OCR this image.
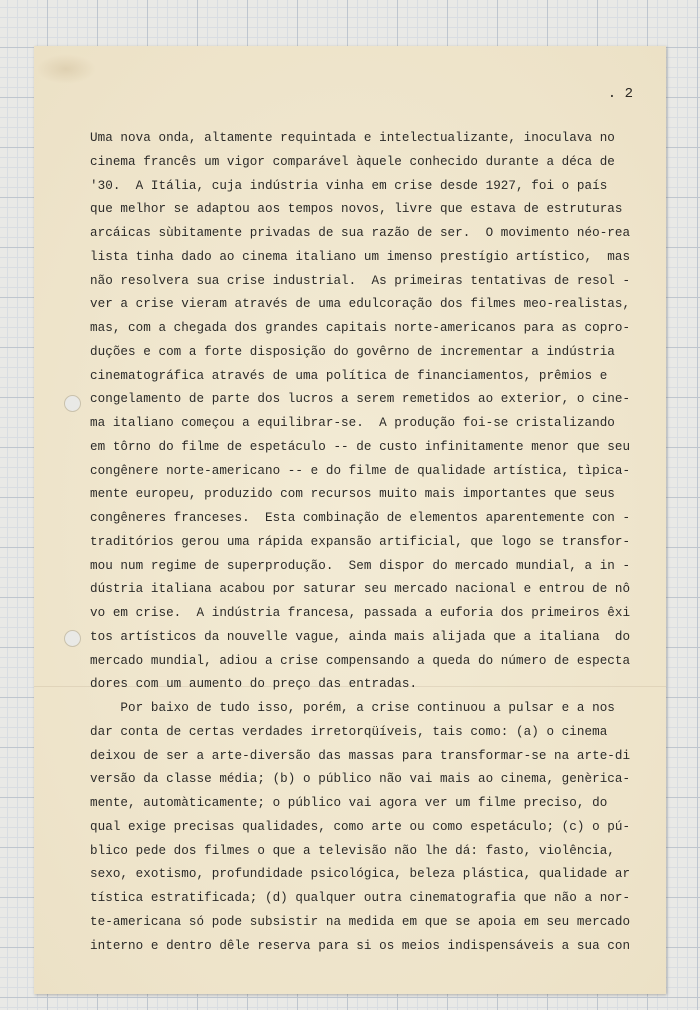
. 2

Uma nova onda, altamente requintada e intelectualizante, inoculava no
cinema francês um vigor comparável àquele conhecido durante a déca de
'30.  A Itália, cuja indústria vinha em crise desde 1927, foi o país
que melhor se adaptou aos tempos novos, livre que estava de estruturas
arcáicas sùbitamente privadas de sua razão de ser.  O movimento néo-rea
lista tinha dado ao cinema italiano um imenso prestígio artístico,  mas
não resolvera sua crise industrial.  As primeiras tentativas de resol -
ver a crise vieram através de uma edulcoração dos filmes meo-realistas,
mas, com a chegada dos grandes capitais norte-americanos para as copro-
duções e com a forte disposição do govêrno de incrementar a indústria
cinematográfica através de uma política de financiamentos, prêmios e
congelamento de parte dos lucros a serem remetidos ao exterior, o cine-
ma italiano começou a equilibrar-se.  A produção foi-se cristalizando
em tôrno do filme de espetáculo -- de custo infinitamente menor que seu
congênere norte-americano -- e do filme de qualidade artística, tìpica-
mente europeu, produzido com recursos muito mais importantes que seus
congêneres franceses.  Esta combinação de elementos aparentemente con -
traditórios gerou uma rápida expansão artificial, que logo se transfor-
mou num regime de superprodução.  Sem dispor do mercado mundial, a in -
dústria italiana acabou por saturar seu mercado nacional e entrou de nô
vo em crise.  A indústria francesa, passada a euforia dos primeiros êxi
tos artísticos da nouvelle vague, ainda mais alijada que a italiana  do
mercado mundial, adiou a crise compensando a queda do número de especta
dores com um aumento do preço das entradas.
Por baixo de tudo isso, porém, a crise continuou a pulsar e a nos
dar conta de certas verdades irretorqüíveis, tais como: (a) o cinema
deixou de ser a arte-diversão das massas para transformar-se na arte-di
versão da classe média; (b) o público não vai mais ao cinema, genèrica-
mente, automàticamente; o público vai agora ver um filme preciso, do
qual exige precisas qualidades, como arte ou como espetáculo; (c) o pú-
blico pede dos filmes o que a televisão não lhe dá: fasto, violência,
sexo, exotismo, profundidade psicológica, beleza plástica, qualidade ar
tística estratificada; (d) qualquer outra cinematografia que não a nor-
te-americana só pode subsistir na medida em que se apoia em seu mercado
interno e dentro dêle reserva para si os meios indispensáveis a sua con
